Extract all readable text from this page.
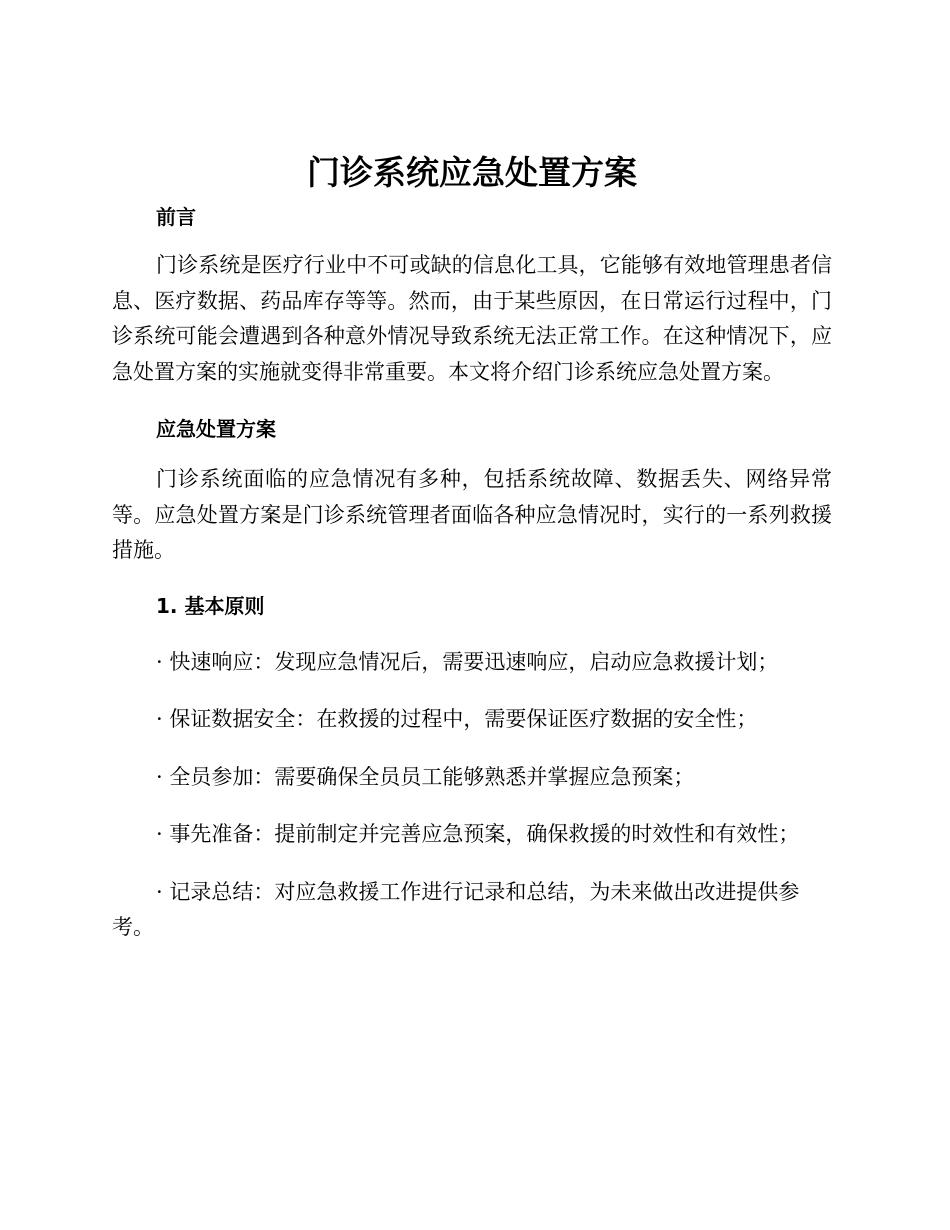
门诊系统应急处置方案

前言

门诊系统是医疗行业中不可或缺的信息化工具，它能够有效地管理患者信息、医疗数据、药品库存等等。然而，由于某些原因，在日常运行过程中，门诊系统可能会遭遇到各种意外情况导致系统无法正常工作。在这种情况下，应急处置方案的实施就变得非常重要。本文将介绍门诊系统应急处置方案。

应急处置方案

门诊系统面临的应急情况有多种，包括系统故障、数据丢失、网络异常等。应急处置方案是门诊系统管理者面临各种应急情况时，实行的一系列救援措施。

1. 基本原则

· 快速响应：发现应急情况后，需要迅速响应，启动应急救援计划；

· 保证数据安全：在救援的过程中，需要保证医疗数据的安全性；

· 全员参加：需要确保全员员工能够熟悉并掌握应急预案；

· 事先准备：提前制定并完善应急预案，确保救援的时效性和有效性；

· 记录总结：对应急救援工作进行记录和总结，为未来做出改进提供参考。
